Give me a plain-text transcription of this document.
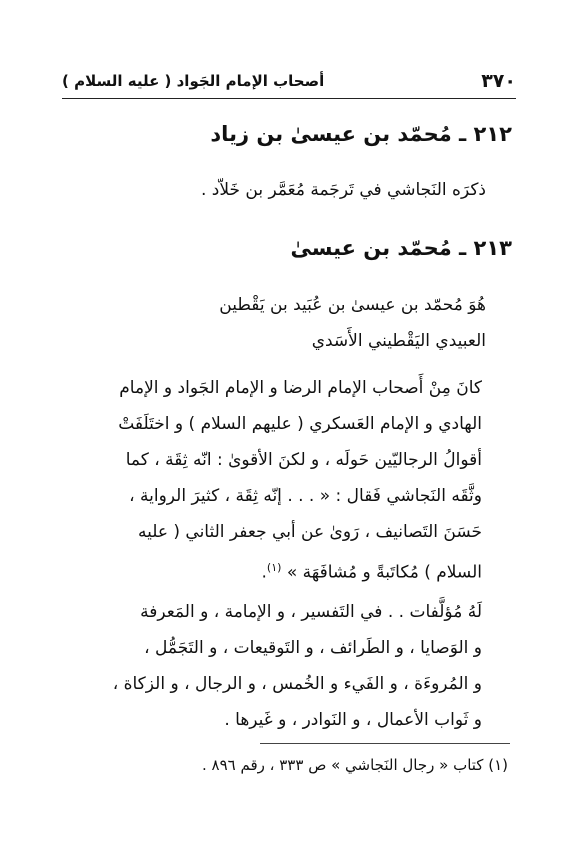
٣٧٠
أصحاب الإمام الجَواد ( عليه السلام )
٢١٢ ـ مُحمّد بن عيسىٰ بن زياد
ذكرَه النَجاشي في تَرجَمة مُعَمَّر بن خَلاّد .
٢١٣ ـ مُحمّد بن عيسىٰ
هُوَ مُحمّد بن عيسىٰ بن عُبَيد بن يَقْطين
العبيدي اليَقْطيني الأَسَدي
كانَ مِنْ أَصحاب الإمام الرضا و الإمام الجَواد و الإمام
الهادي و الإمام العَسكري ( عليهم السلام ) و اختَلَفَتْ
أقوالُ الرجاليّين حَولَه ، و لكنَ الأقوىٰ : انّه ثِقَة ، كما
وثَّقَه النَجاشي فَقال : « . . . إنّه ثِقَة ، كثيرَ الرواية ،
حَسَنَ التَصانيف ، رَوىٰ عن أبي جعفر الثاني ( عليه
السلام ) مُكاتَبةً و مُشافَهَة » $^{(١)}$.
لَهُ مُؤلَّفات . . في التَفسير ، و الإمامة ، و المَعرفة
و الوَصايا ، و الطَرائف ، و التَوقيعات ، و التَجَمُّل ،
و المُروءَة ، و الفَيء و الخُمس ، و الرجال ، و الزكاة ،
و ثَواب الأعمال ، و النَوادر ، و غَيرها .
(١) كتاب « رجال النَجاشي » ص ٣٣٣ ، رقم ٨٩٦ .
